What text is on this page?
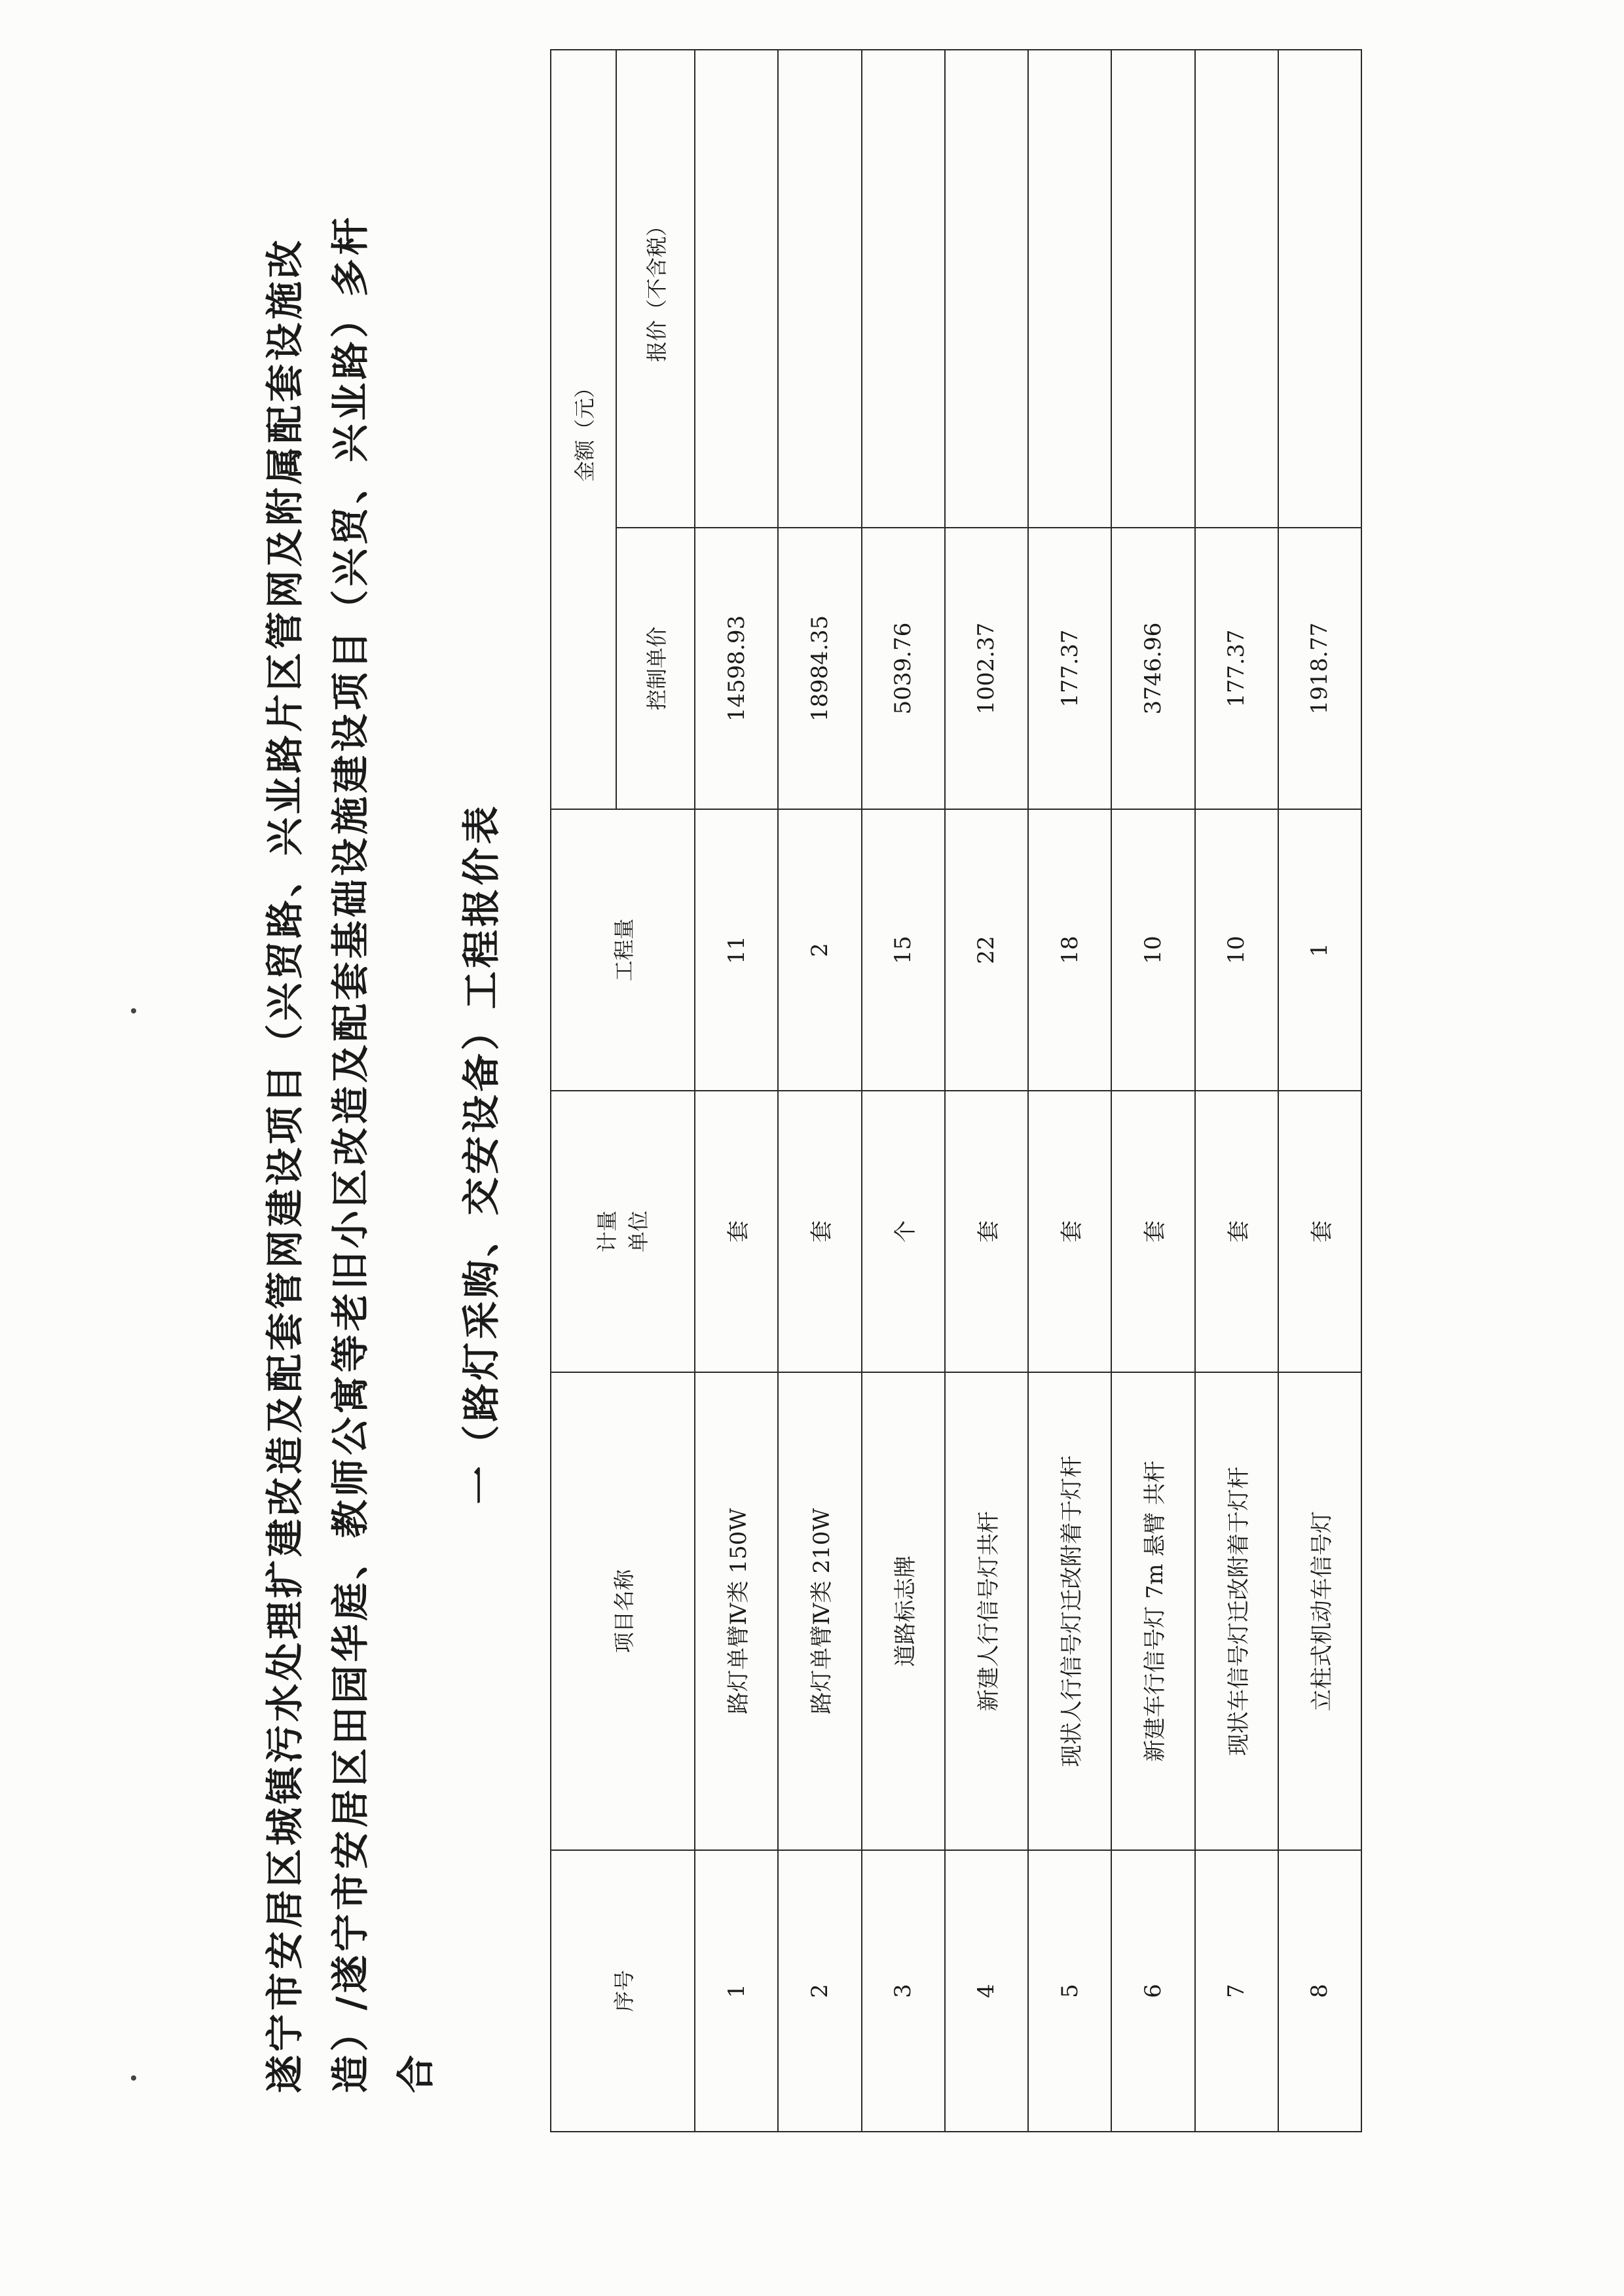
遂宁市安居区城镇污水处理扩建改造及配套管网建设项目（兴贸路、兴业路片区管网及附属配套设施改 造）/遂宁市安居区田园华庭、教师公寓等老旧小区改造及配套基础设施建设项目（兴贸、兴业路）多杆合
一（路灯采购、交安设备）工程报价表
序号	项目名称	计量 单位	工程量	金额（元）	
				控制单价	报价（不含税）
1	路灯单臂Ⅳ类 150W	套	11	14598.93	
2	路灯单臂Ⅳ类 210W	套	2	18984.35	
3	道路标志牌	个	15	5039.76	
4	新建人行信号灯共杆	套	22	1002.37	
5	现状人行信号灯迁改附着于灯杆	套	18	177.37	
6	新建车行信号灯 7m 悬臂 共杆	套	10	3746.96	
7	现状车信号灯迁改附着于灯杆	套	10	177.37	
8	立柱式机动车信号灯	套	1	1918.77	
